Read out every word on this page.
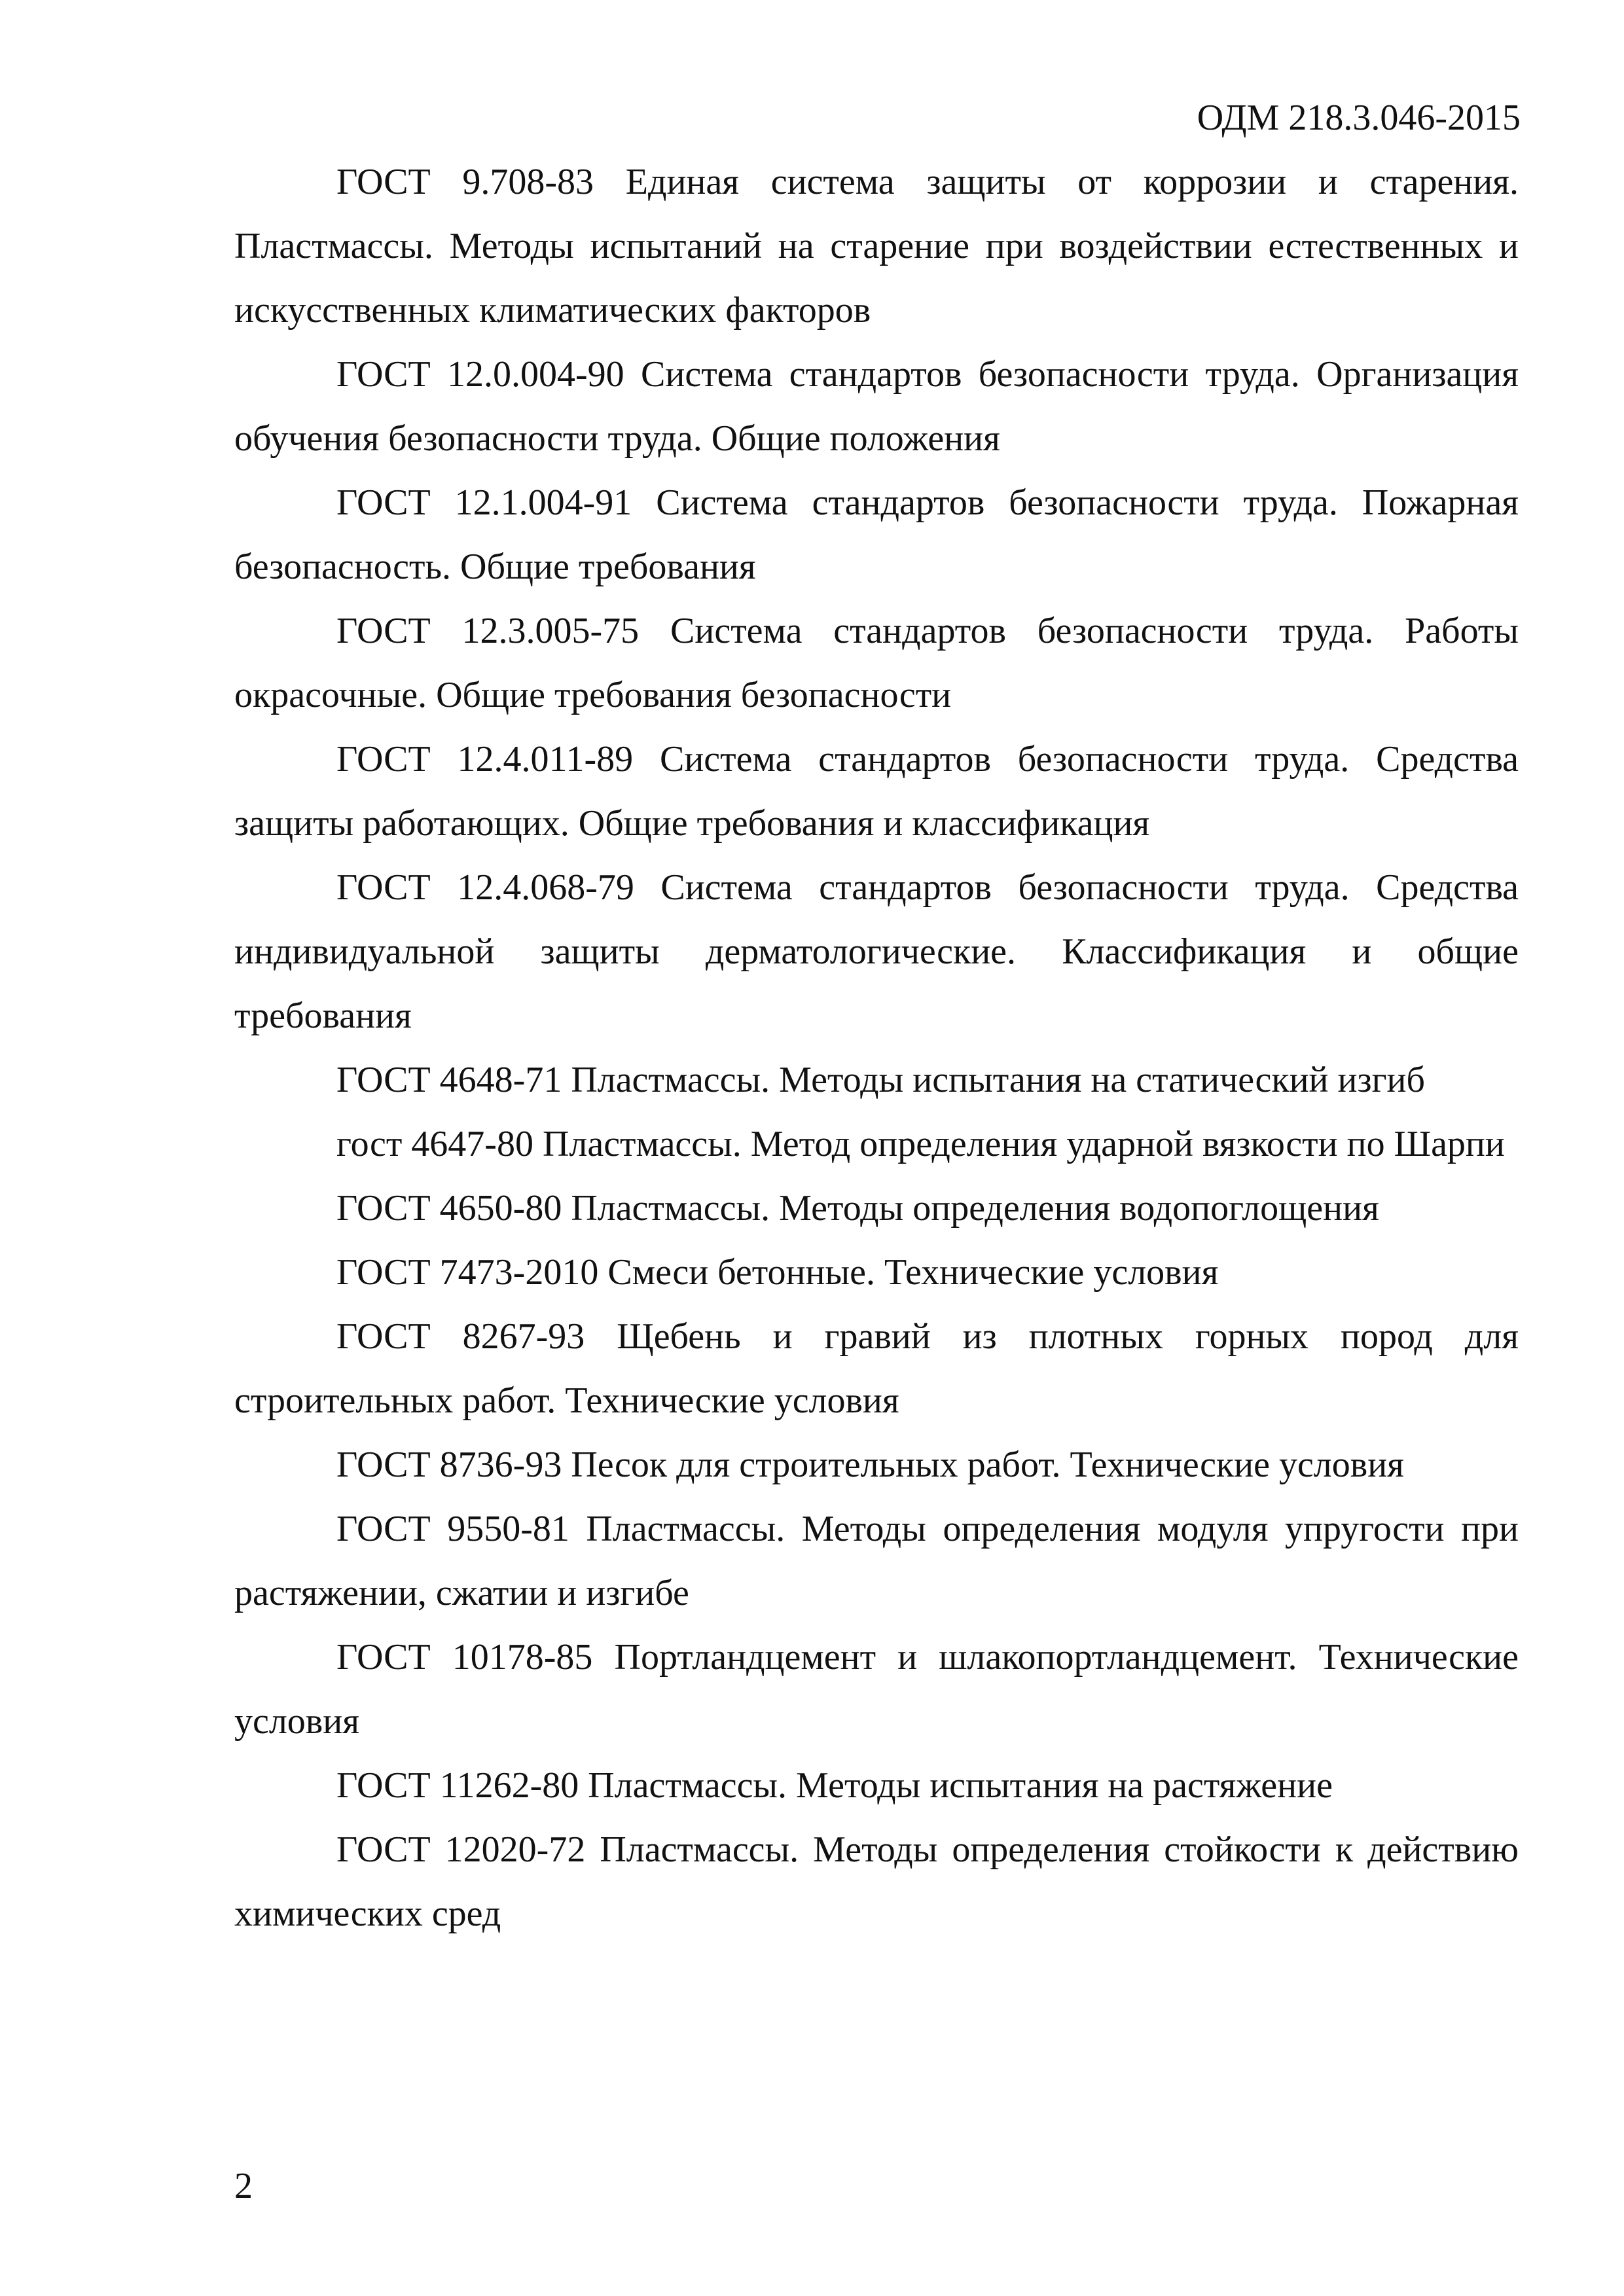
ОДМ 218.3.046-2015

ГОСТ 9.708-83 Единая система защиты от коррозии и старения. Пластмассы. Методы испытаний на старение при воздействии естественных и искусственных климатических факторов

ГОСТ 12.0.004-90 Система стандартов безопасности труда. Организация обучения безопасности труда. Общие положения

ГОСТ 12.1.004-91 Система стандартов безопасности труда. Пожарная безопасность. Общие требования

ГОСТ 12.3.005-75 Система стандартов безопасности труда. Работы окрасочные. Общие требования безопасности

ГОСТ 12.4.011-89 Система стандартов безопасности труда. Средства защиты работающих. Общие требования и классификация

ГОСТ 12.4.068-79 Система стандартов безопасности труда. Средства индивидуальной защиты дерматологические. Классификация и общие требования

ГОСТ 4648-71 Пластмассы. Методы испытания на статический изгиб

гост 4647-80 Пластмассы. Метод определения ударной вязкости по Шарпи

ГОСТ 4650-80 Пластмассы. Методы определения водопоглощения

ГОСТ 7473-2010 Смеси бетонные. Технические условия

ГОСТ 8267-93 Щебень и гравий из плотных горных пород для строительных работ. Технические условия

ГОСТ 8736-93 Песок для строительных работ. Технические условия

ГОСТ 9550-81 Пластмассы. Методы определения модуля упругости при растяжении, сжатии и изгибе

ГОСТ 10178-85 Портландцемент и шлакопортландцемент. Технические условия

ГОСТ 11262-80 Пластмассы. Методы испытания на растяжение

ГОСТ 12020-72 Пластмассы. Методы определения стойкости к действию химических сред

2
